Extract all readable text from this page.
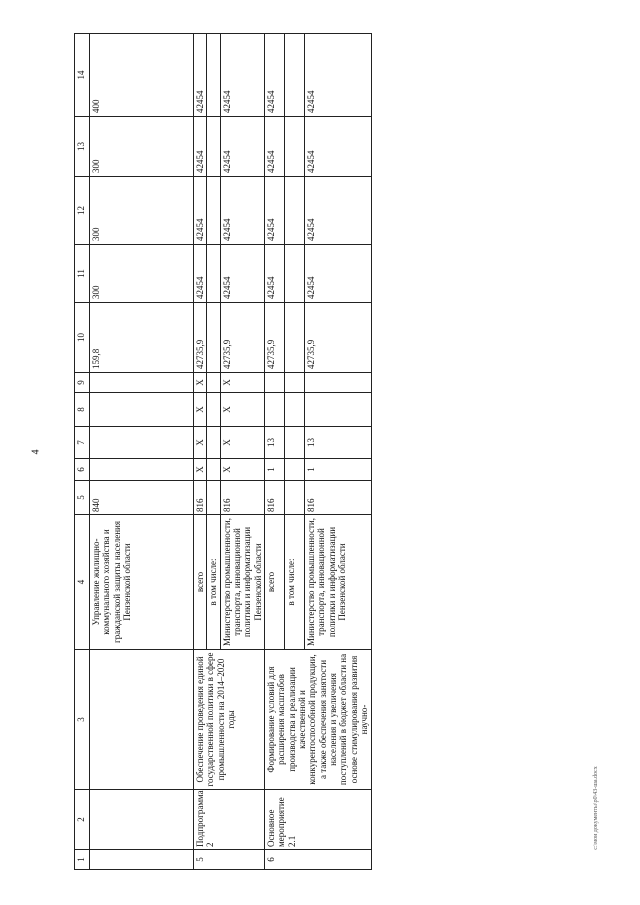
4
c:\мои документы\p0\43-ша.docx
1	2	3	4	5	6	7	8	9	10	11	12	13	14
			Управление жилищно-коммунального хозяйства и гражданской защиты населения Пензенской области	840					159,8	300	300	300	400
5	Подпрограмма 2	Обеспечение проведения единой государственной политики в сфере промышленности на 2014–2020 годы	всего	816	X	X	X	X	42735,9	42454	42454	42454	42454
			в том числе:										
			Министерство промышленности, транспорта, инновационной политики и информатизации Пензенской области	816	X	X	X	X	42735,9	42454	42454	42454	42454
6	Основное мероприятие 2.1	Формирование условий для расширения масштабов производства и реализации качественной и конкурентоспособной продукции, а также обеспечения занятости населения и увеличения поступлений в бюджет области на основе стимулирования развития научно-	всего	816	1	13			42735,9	42454	42454	42454	42454
			в том числе:										
			Министерство промышленности, транспорта, инновационной политики и информатизации Пензенской области	816	1	13			42735,9	42454	42454	42454	42454
